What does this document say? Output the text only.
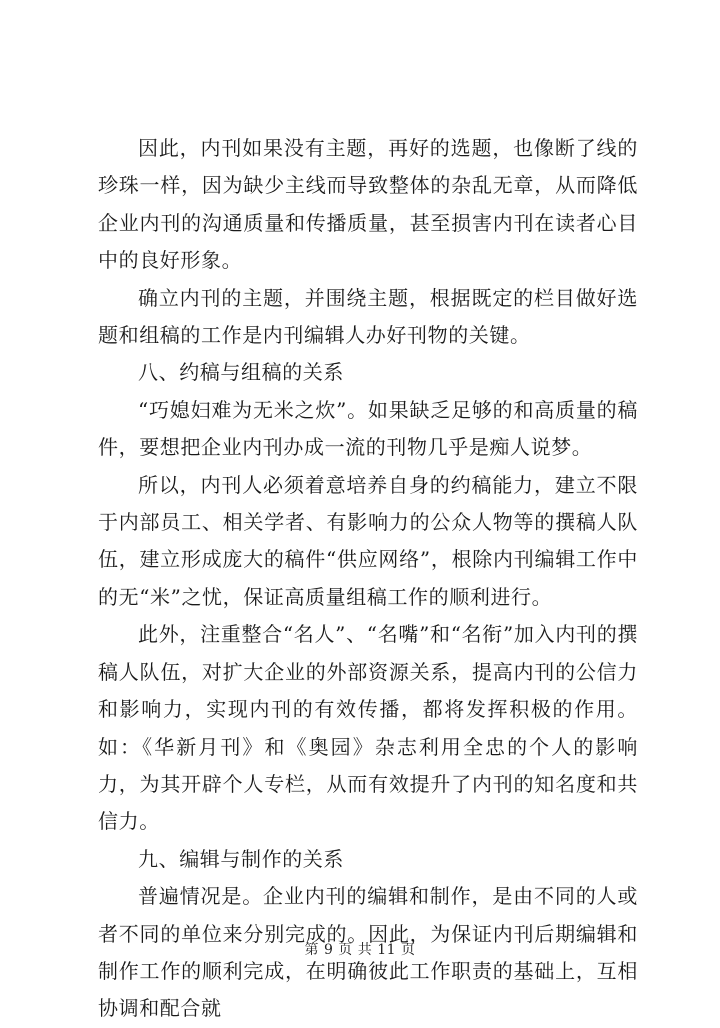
因此，内刊如果没有主题，再好的选题，也像断了线的珍珠一样，因为缺少主线而导致整体的杂乱无章，从而降低企业内刊的沟通质量和传播质量，甚至损害内刊在读者心目中的良好形象。

确立内刊的主题，并围绕主题，根据既定的栏目做好选题和组稿的工作是内刊编辑人办好刊物的关键。

八、约稿与组稿的关系

“巧媳妇难为无米之炊”。如果缺乏足够的和高质量的稿件，要想把企业内刊办成一流的刊物几乎是痴人说梦。

所以，内刊人必须着意培养自身的约稿能力，建立不限于内部员工、相关学者、有影响力的公众人物等的撰稿人队伍，建立形成庞大的稿件“供应网络”，根除内刊编辑工作中的无“米”之忧，保证高质量组稿工作的顺利进行。

此外，注重整合“名人”、“名嘴”和“名衔”加入内刊的撰稿人队伍，对扩大企业的外部资源关系，提高内刊的公信力和影响力，实现内刊的有效传播，都将发挥积极的作用。如：《华新月刊》和《奥园》杂志利用全忠的个人的影响力，为其开辟个人专栏，从而有效提升了内刊的知名度和共信力。

九、编辑与制作的关系

普遍情况是。企业内刊的编辑和制作，是由不同的人或者不同的单位来分别完成的。因此，为保证内刊后期编辑和制作工作的顺利完成，在明确彼此工作职责的基础上，互相协调和配合就

第 9 页 共 11 页
